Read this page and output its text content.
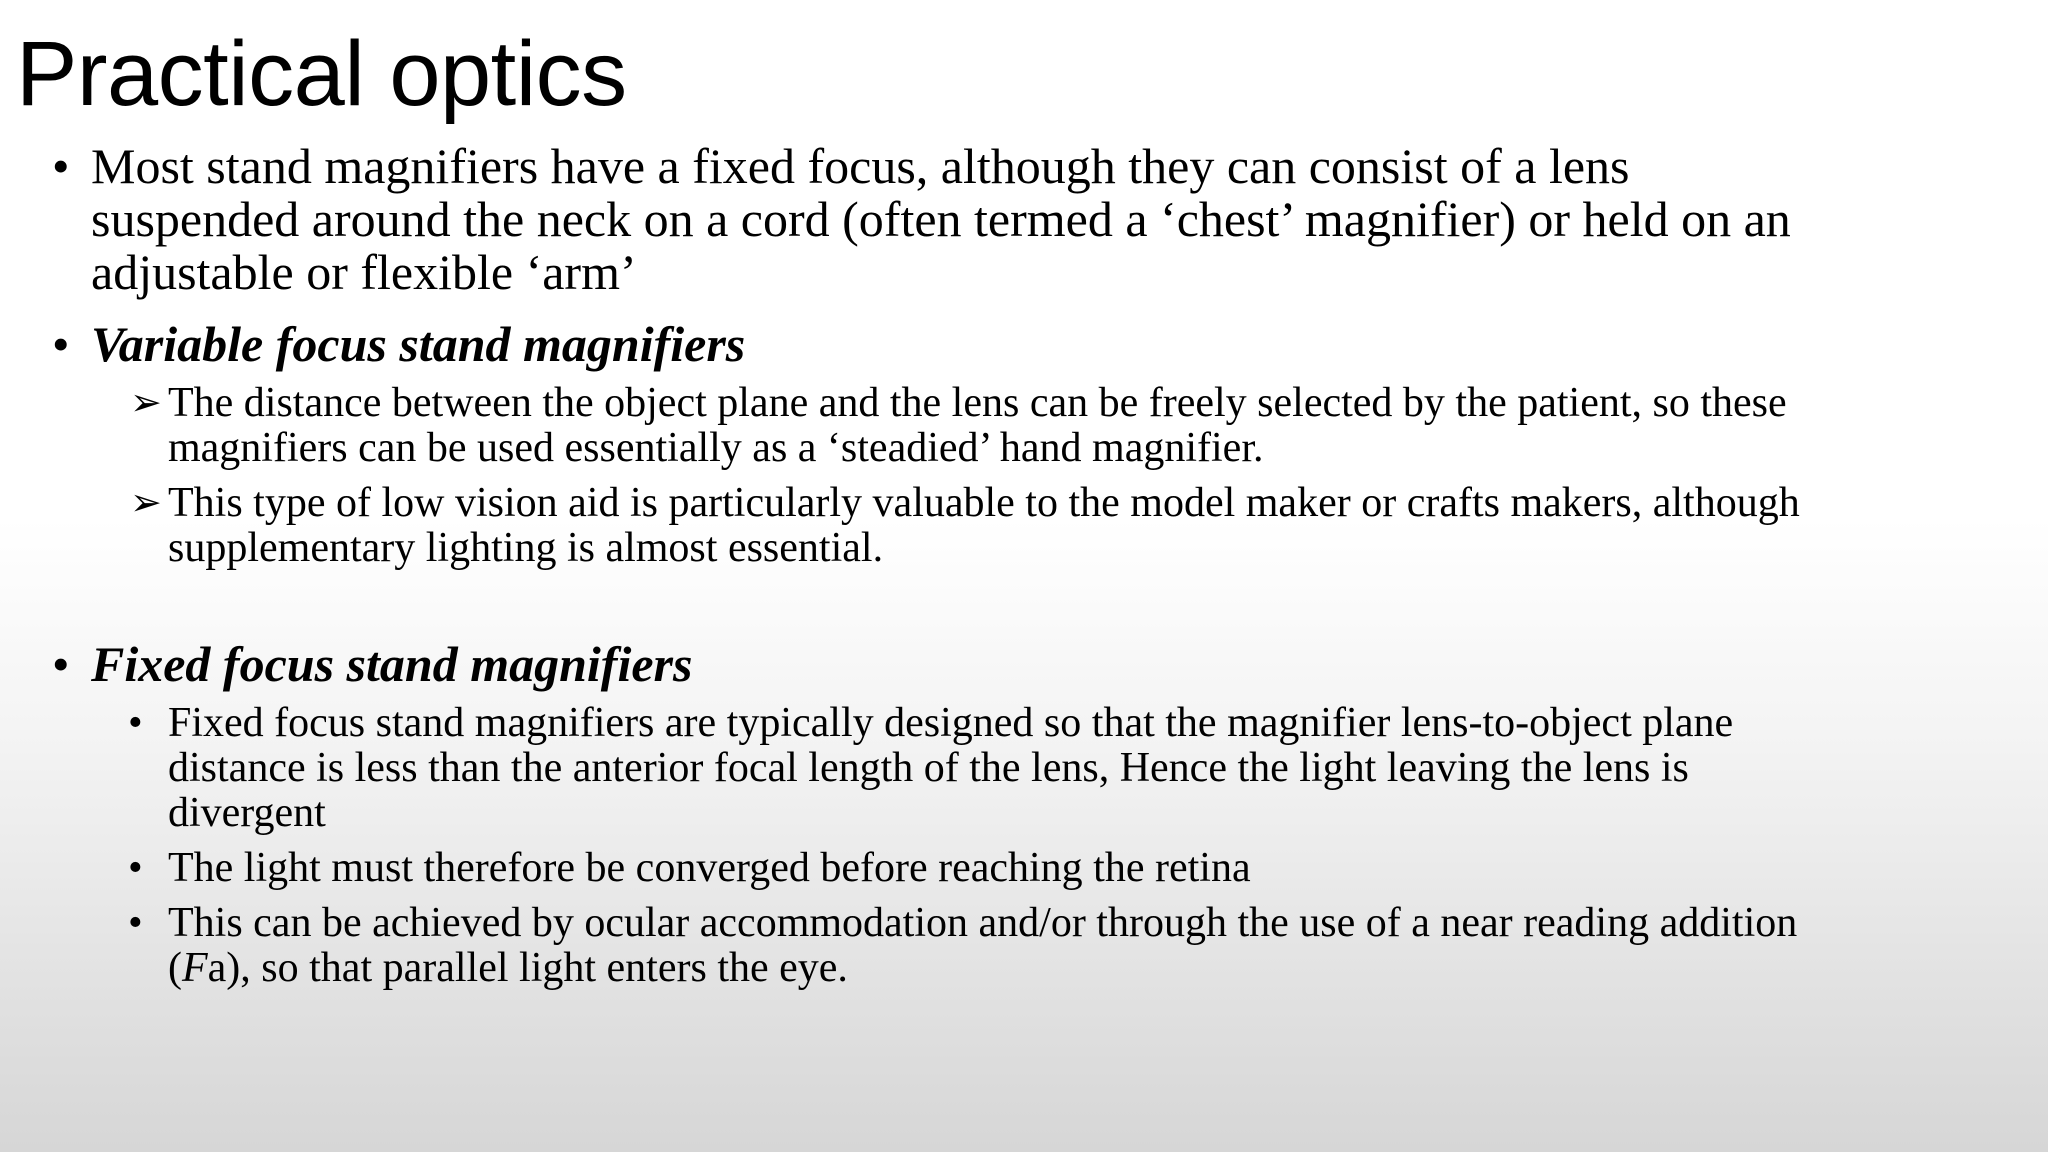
Practical optics
• Most stand magnifiers have a fixed focus, although they can consist of a lens suspended around the neck on a cord (often termed a ‘chest’ magnifier) or held on an adjustable or flexible ‘arm’
• Variable focus stand magnifiers
➢ The distance between the object plane and the lens can be freely selected by the patient, so these magnifiers can be used essentially as a ‘steadied’ hand magnifier.
➢ This type of low vision aid is particularly valuable to the model maker or crafts makers, although supplementary lighting is almost essential.
• Fixed focus stand magnifiers
• Fixed focus stand magnifiers are typically designed so that the magnifier lens-to-object plane distance is less than the anterior focal length of the lens, Hence the light leaving the lens is divergent
• The light must therefore be converged before reaching the retina
• This can be achieved by ocular accommodation and/or through the use of a near reading addition (Fa), so that parallel light enters the eye.
